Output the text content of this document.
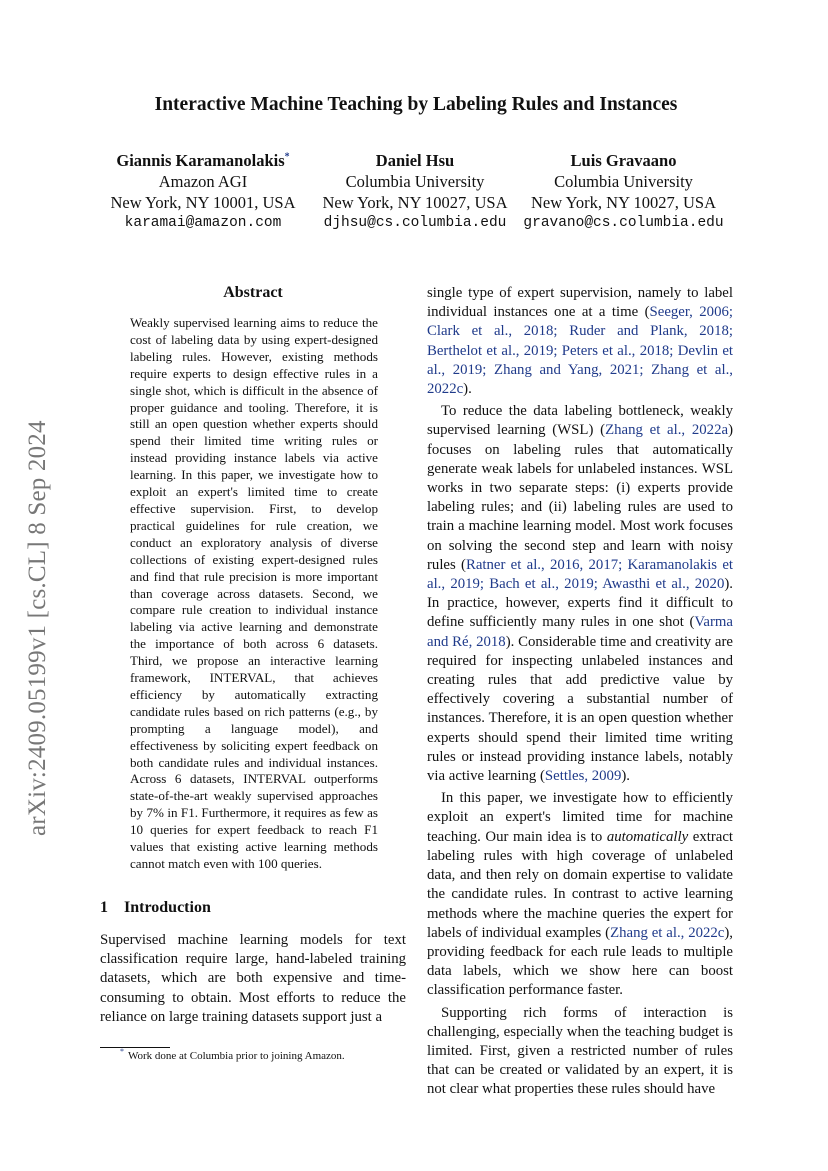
arXiv:2409.05199v1 [cs.CL] 8 Sep 2024
Interactive Machine Teaching by Labeling Rules and Instances
Giannis Karamanolakis*
Amazon AGI
New York, NY 10001, USA
karamai@amazon.com
Daniel Hsu
Columbia University
New York, NY 10027, USA
djhsu@cs.columbia.edu
Luis Gravaano
Columbia University
New York, NY 10027, USA
gravano@cs.columbia.edu
Abstract

Weakly supervised learning aims to reduce the cost of labeling data by using expert-designed labeling rules. However, existing methods require experts to design effective rules in a single shot, which is difficult in the absence of proper guidance and tooling. Therefore, it is still an open question whether experts should spend their limited time writing rules or instead providing instance labels via active learning. In this paper, we investigate how to exploit an expert's limited time to create effective supervision. First, to develop practical guidelines for rule creation, we conduct an exploratory analysis of diverse collections of existing expert-designed rules and find that rule precision is more important than coverage across datasets. Second, we compare rule creation to individual instance labeling via active learning and demonstrate the importance of both across 6 datasets. Third, we propose an interactive learning framework, INTERVAL, that achieves efficiency by automatically extracting candidate rules based on rich patterns (e.g., by prompting a language model), and effectiveness by soliciting expert feedback on both candidate rules and individual instances. Across 6 datasets, INTERVAL outperforms state-of-the-art weakly supervised approaches by 7% in F1. Furthermore, it requires as few as 10 queries for expert feedback to reach F1 values that existing active learning methods cannot match even with 100 queries.

1 Introduction

Supervised machine learning models for text classification require large, hand-labeled training datasets, which are both expensive and time-consuming to obtain. Most efforts to reduce the reliance on large training datasets support just a

* Work done at Columbia prior to joining Amazon.

single type of expert supervision, namely to label individual instances one at a time (Seeger, 2006; Clark et al., 2018; Ruder and Plank, 2018; Berthelot et al., 2019; Peters et al., 2018; Devlin et al., 2019; Zhang and Yang, 2021; Zhang et al., 2022c).

To reduce the data labeling bottleneck, weakly supervised learning (WSL) (Zhang et al., 2022a) focuses on labeling rules that automatically generate weak labels for unlabeled instances. WSL works in two separate steps: (i) experts provide labeling rules; and (ii) labeling rules are used to train a machine learning model. Most work focuses on solving the second step and learn with noisy rules (Ratner et al., 2016, 2017; Karamanolakis et al., 2019; Bach et al., 2019; Awasthi et al., 2020). In practice, however, experts find it difficult to define sufficiently many rules in one shot (Varma and Ré, 2018). Considerable time and creativity are required for inspecting unlabeled instances and creating rules that add predictive value by effectively covering a substantial number of instances. Therefore, it is an open question whether experts should spend their limited time writing rules or instead providing instance labels, notably via active learning (Settles, 2009).

In this paper, we investigate how to efficiently exploit an expert's limited time for machine teaching. Our main idea is to automatically extract labeling rules with high coverage of unlabeled data, and then rely on domain expertise to validate the candidate rules. In contrast to active learning methods where the machine queries the expert for labels of individual examples (Zhang et al., 2022c), providing feedback for each rule leads to multiple data labels, which we show here can boost classification performance faster.

Supporting rich forms of interaction is challenging, especially when the teaching budget is limited. First, given a restricted number of rules that can be created or validated by an expert, it is not clear what properties these rules should have
